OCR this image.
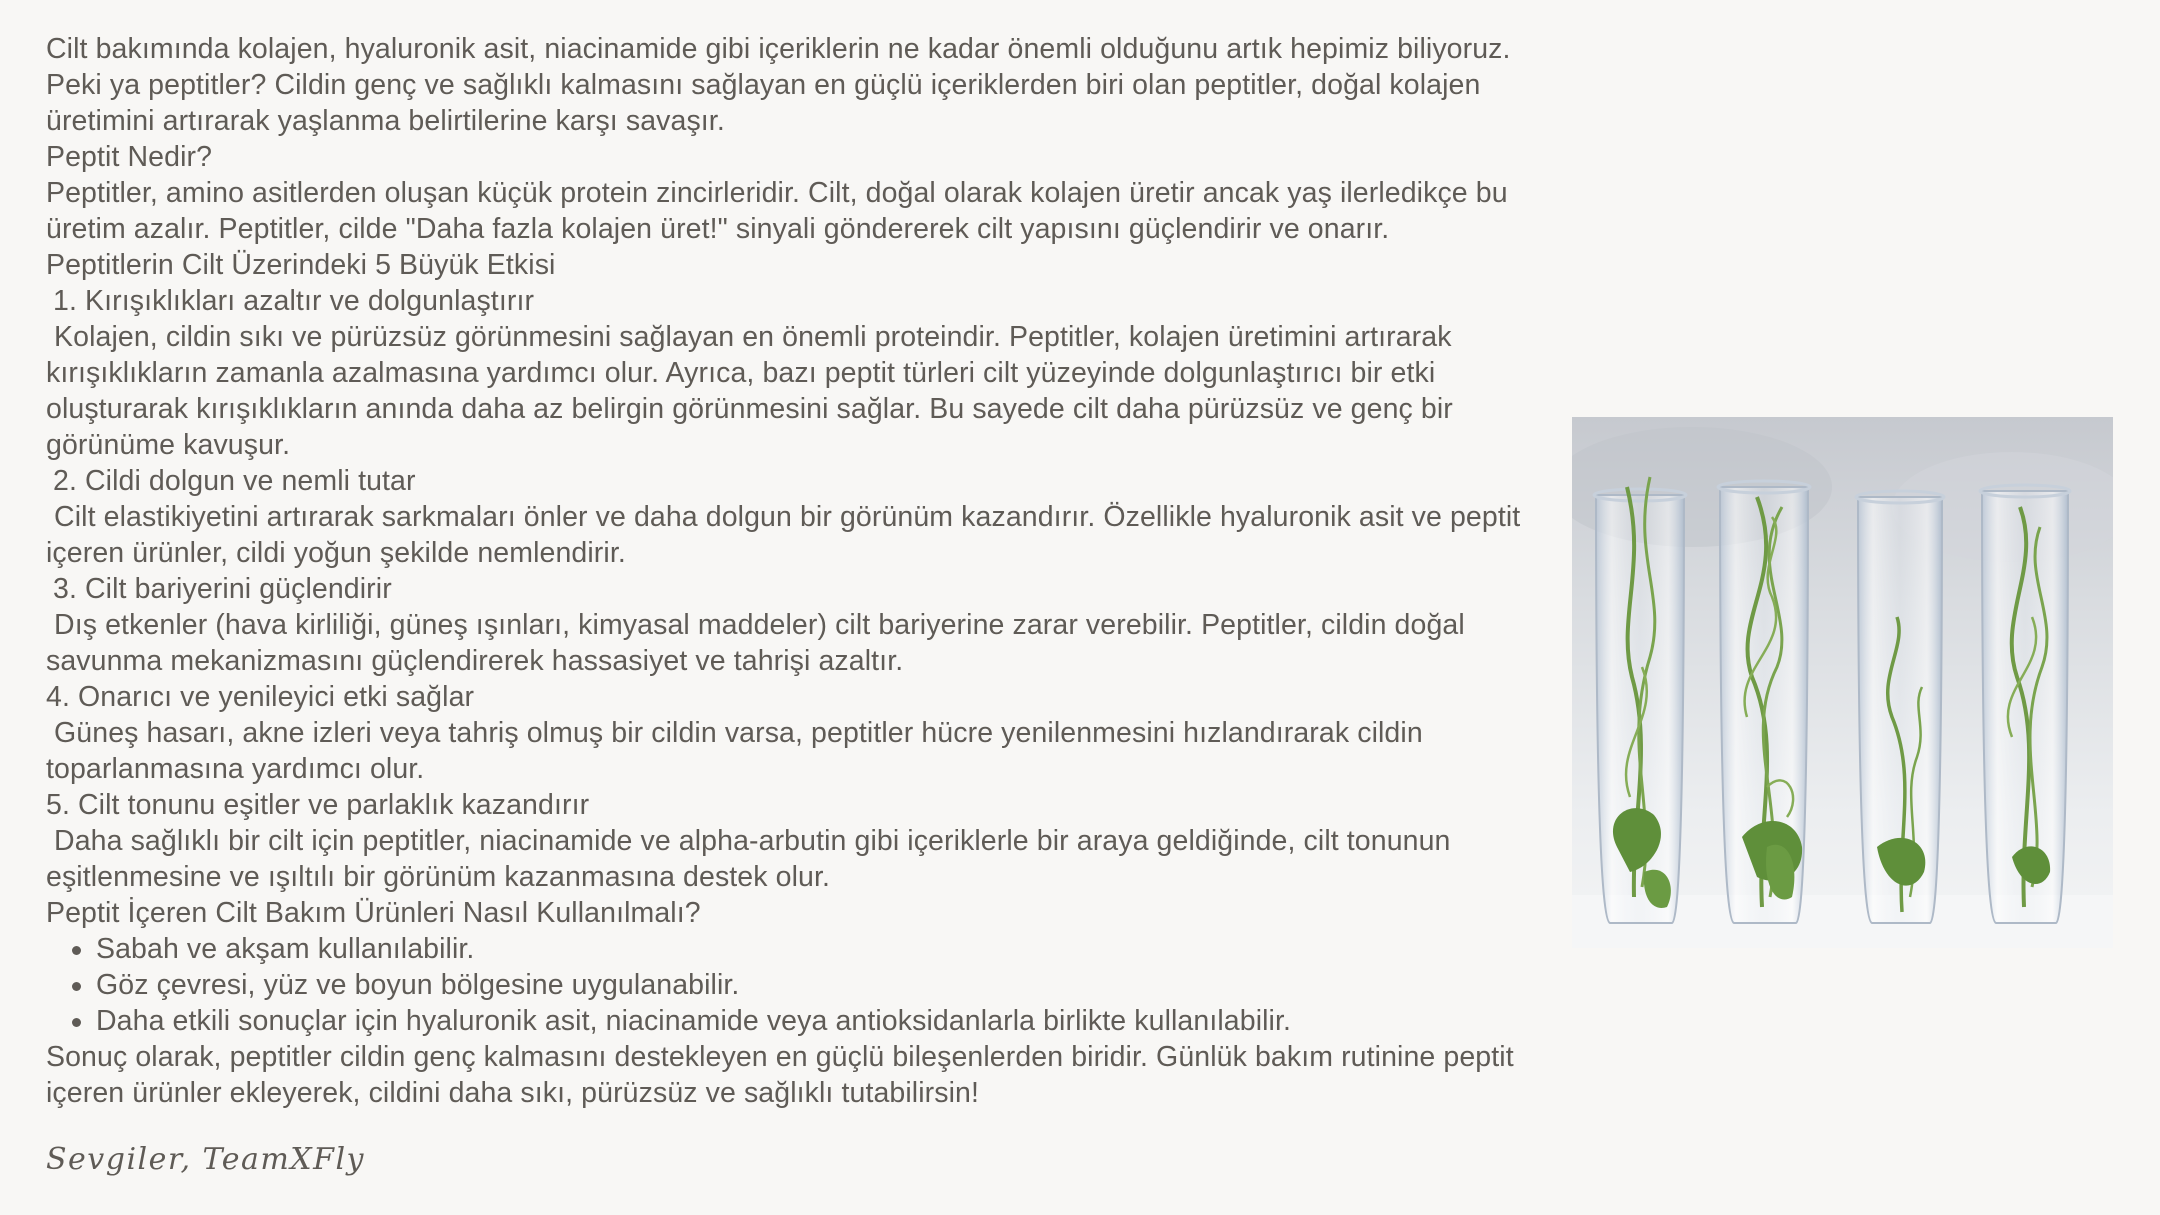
Cilt bakımında kolajen, hyaluronik asit, niacinamide gibi içeriklerin ne kadar önemli olduğunu artık hepimiz biliyoruz.

Peki ya peptitler? Cildin genç ve sağlıklı kalmasını sağlayan en güçlü içeriklerden biri olan peptitler, doğal kolajen üretimini artırarak yaşlanma belirtilerine karşı savaşır.

Peptit Nedir?

Peptitler, amino asitlerden oluşan küçük protein zincirleridir. Cilt, doğal olarak kolajen üretir ancak yaş ilerledikçe bu üretim azalır. Peptitler, cilde "Daha fazla kolajen üret!" sinyali göndererek cilt yapısını güçlendirir ve onarır.

Peptitlerin Cilt Üzerindeki 5 Büyük Etkisi

1. Kırışıklıkları azaltır ve dolgunlaştırır

Kolajen, cildin sıkı ve pürüzsüz görünmesini sağlayan en önemli proteindir. Peptitler, kolajen üretimini artırarak kırışıklıkların zamanla azalmasına yardımcı olur. Ayrıca, bazı peptit türleri cilt yüzeyinde dolgunlaştırıcı bir etki oluşturarak kırışıklıkların anında daha az belirgin görünmesini sağlar. Bu sayede cilt daha pürüzsüz ve genç bir görünüme kavuşur.

2. Cildi dolgun ve nemli tutar

Cilt elastikiyetini artırarak sarkmaları önler ve daha dolgun bir görünüm kazandırır. Özellikle hyaluronik asit ve peptit içeren ürünler, cildi yoğun şekilde nemlendirir.

3. Cilt bariyerini güçlendirir

Dış etkenler (hava kirliliği, güneş ışınları, kimyasal maddeler) cilt bariyerine zarar verebilir. Peptitler, cildin doğal savunma mekanizmasını güçlendirerek hassasiyet ve tahrişi azaltır.

4. Onarıcı ve yenileyici etki sağlar

Güneş hasarı, akne izleri veya tahriş olmuş bir cildin varsa, peptitler hücre yenilenmesini hızlandırarak cildin toparlanmasına yardımcı olur.

5. Cilt tonunu eşitler ve parlaklık kazandırır

Daha sağlıklı bir cilt için peptitler, niacinamide ve alpha-arbutin gibi içeriklerle bir araya geldiğinde, cilt tonunun eşitlenmesine ve ışıltılı bir görünüm kazanmasına destek olur.

Peptit İçeren Cilt Bakım Ürünleri Nasıl Kullanılmalı?

Sabah ve akşam kullanılabilir.
Göz çevresi, yüz ve boyun bölgesine uygulanabilir.
Daha etkili sonuçlar için hyaluronik asit, niacinamide veya antioksidanlarla birlikte kullanılabilir.

Sonuç olarak, peptitler cildin genç kalmasını destekleyen en güçlü bileşenlerden biridir. Günlük bakım rutinine peptit içeren ürünler ekleyerek, cildini daha sıkı, pürüzsüz ve sağlıklı tutabilirsin!

Sevgiler, TeamXFly
